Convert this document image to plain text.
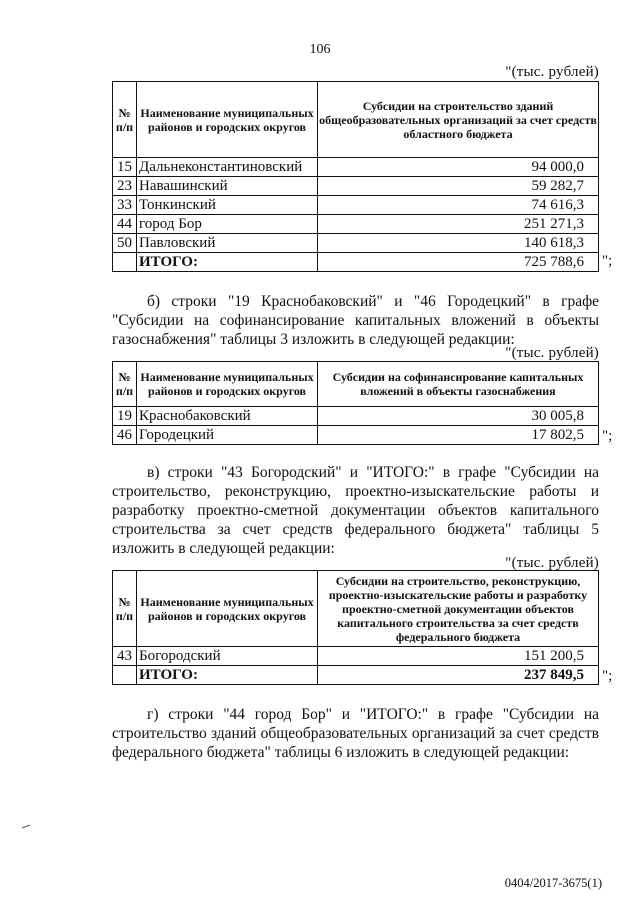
106
"(тыс. рублей)
№ п/п	Наименование муниципальных районов и городских округов	Субсидии на строительство зданий общеобразовательных организаций за счет средств областного бюджета
15	Дальнеконстантиновский	94 000,0
23	Навашинский	59 282,7
33	Тонкинский	74 616,3
44	город Бор	251 271,3
50	Павловский	140 618,3
	ИТОГО:	725 788,6 ";
б) строки "19 Краснобаковский" и "46 Городецкий" в графе "Субсидии на софинансирование капитальных вложений в объекты газоснабжения" таблицы 3 изложить в следующей редакции:
"(тыс. рублей)
№ п/п	Наименование муниципальных районов и городских округов	Субсидии на софинансирование капитальных вложений в объекты газоснабжения
19	Краснобаковский	30 005,8
46	Городецкий	17 802,5 ";
в) строки "43 Богородский" и "ИТОГО:" в графе "Субсидии на строительство, реконструкцию, проектно-изыскательские работы и разработку проектно-сметной документации объектов капитального строительства за счет средств федерального бюджета" таблицы 5 изложить в следующей редакции:
"(тыс. рублей)
№ п/п	Наименование муниципальных районов и городских округов	Субсидии на строительство, реконструкцию, проектно-изыскательские работы и разработку проектно-сметной документации объектов капитального строительства за счет средств федерального бюджета
43	Богородский	151 200,5
	ИТОГО:	237 849,5 ";
г) строки "44 город Бор" и "ИТОГО:" в графе "Субсидии на строительство зданий общеобразовательных организаций за счет средств федерального бюджета" таблицы 6 изложить в следующей редакции:
0404/2017-3675(1)
